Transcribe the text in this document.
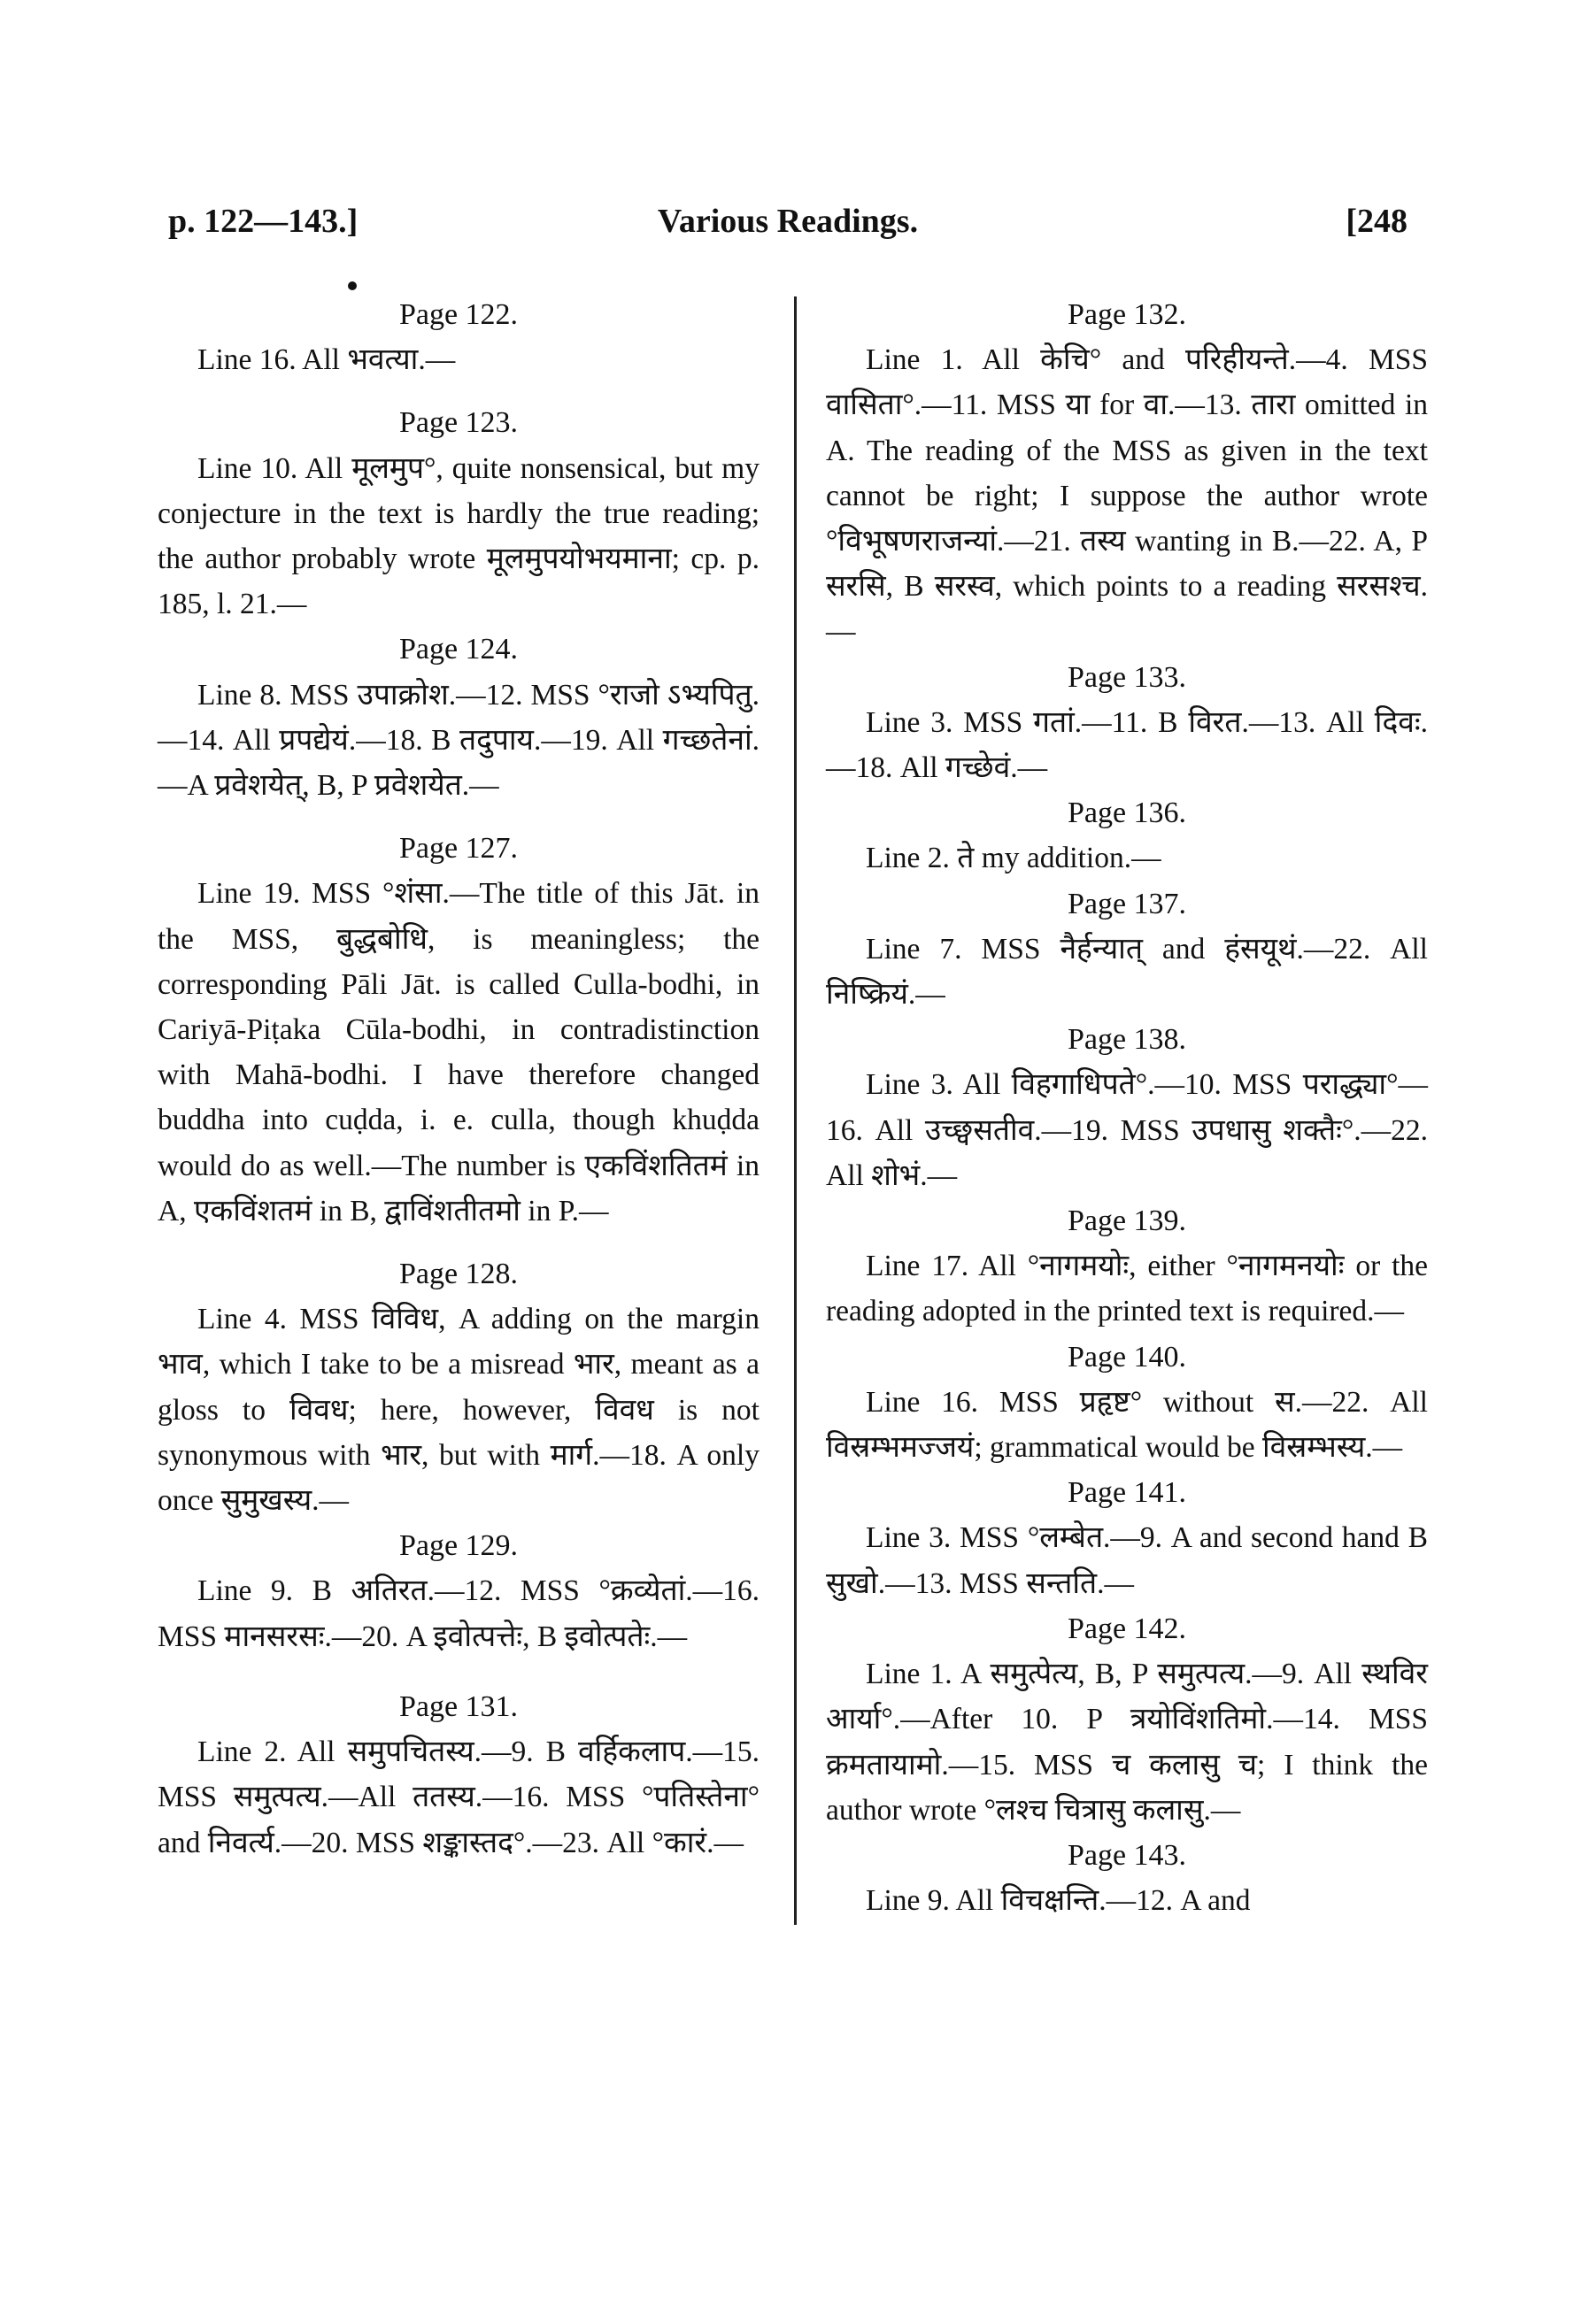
Various Readings.
p. 122—143.]	[248

Page 122.

Line 16. All भवत्या.—

Page 123.

Line 10. All मूलमुप°, quite nonsensical, but my conjecture in the text is hardly the true reading; the author probably wrote मूलमुपयोभयमाना; cp. p. 185, l. 21.—

Page 124.

Line 8. MSS उपाक्रोश.—12. MSS °राजो ऽभ्यपितु.—14. All प्रपद्येयं.—18. B तदुपाय.—19. All गच्छतेनां.—A प्रवेशयेत्, B, P प्रवेशयेत.—

Page 127.

Line 19. MSS °शंसा.—The title of this Jāt. in the MSS, बुद्धबोधि, is meaningless; the corresponding Pāli Jāt. is called Culla-bodhi, in Cariyā-Piṭaka Cūla-bodhi, in contradistinction with Mahā-bodhi. I have therefore changed buddha into cuḍda, i. e. culla, though khuḍda would do as well.—The number is एकविंशतितमं in A, एकविंशतमं in B, द्वाविंशतीतमो in P.—

Page 128.

Line 4. MSS विविध, A adding on the margin भाव, which I take to be a misread भार, meant as a gloss to विवध; here, however, विवध is not synonymous with भार, but with मार्ग.—18. A only once सुमुखस्य.—

Page 129.

Line 9. B अतिरत.—12. MSS °क्रव्येतां.—16. MSS मानसरसः.—20. A इवोत्पत्तेः, B इवोत्पतेः.—

Page 131.

Line 2. All समुपचितस्य.—9. B वर्हिकलाप.—15. MSS समुत्पत्य.—All ततस्य.—16. MSS °पतिस्तेना° and निवर्त्य.—20. MSS शङ्कास्तद°.—23. All °कारं.—

Page 132.

Line 1. All केचि° and परिहीयन्ते.—4. MSS वासिता°.—11. MSS या for वा.—13. तारा omitted in A. The reading of the MSS as given in the text cannot be right; I suppose the author wrote °विभूषणराजन्यां.—21. तस्य wanting in B.—22. A, P सरसि, B सरस्व, which points to a reading सरसश्च.—

Page 133.

Line 3. MSS गतां.—11. B विरत.—13. All दिवः.—18. All गच्छेवं.—

Page 136.

Line 2. ते my addition.—

Page 137.

Line 7. MSS नैर्हन्यात् and हंसयूथं.—22. All निष्क्रियं.—

Page 138.

Line 3. All विहगाधिपते°.—10. MSS पराद्ध्या°—16. All उच्छ्वसतीव.—19. MSS उपधासु शक्तैः°.—22. All शोभं.—

Page 139.

Line 17. All °नागमयोः, either °नागमनयोः or the reading adopted in the printed text is required.—

Page 140.

Line 16. MSS प्रहृष्ट° without स.—22. All विस्रम्भमज्जयं; grammatical would be विस्रम्भस्य.—

Page 141.

Line 3. MSS °लम्बेत.—9. A and second hand B सुखो.—13. MSS सन्तति.—

Page 142.

Line 1. A समुत्पेत्य, B, P समुत्पत्य.—9. All स्थविर आर्या°.—After 10. P त्रयोविंशतिमो.—14. MSS क्रमतायामो.—15. MSS च कलासु च; I think the author wrote °लश्च चित्रासु कलासु.—

Page 143.

Line 9. All विचक्षन्ति.—12. A and
